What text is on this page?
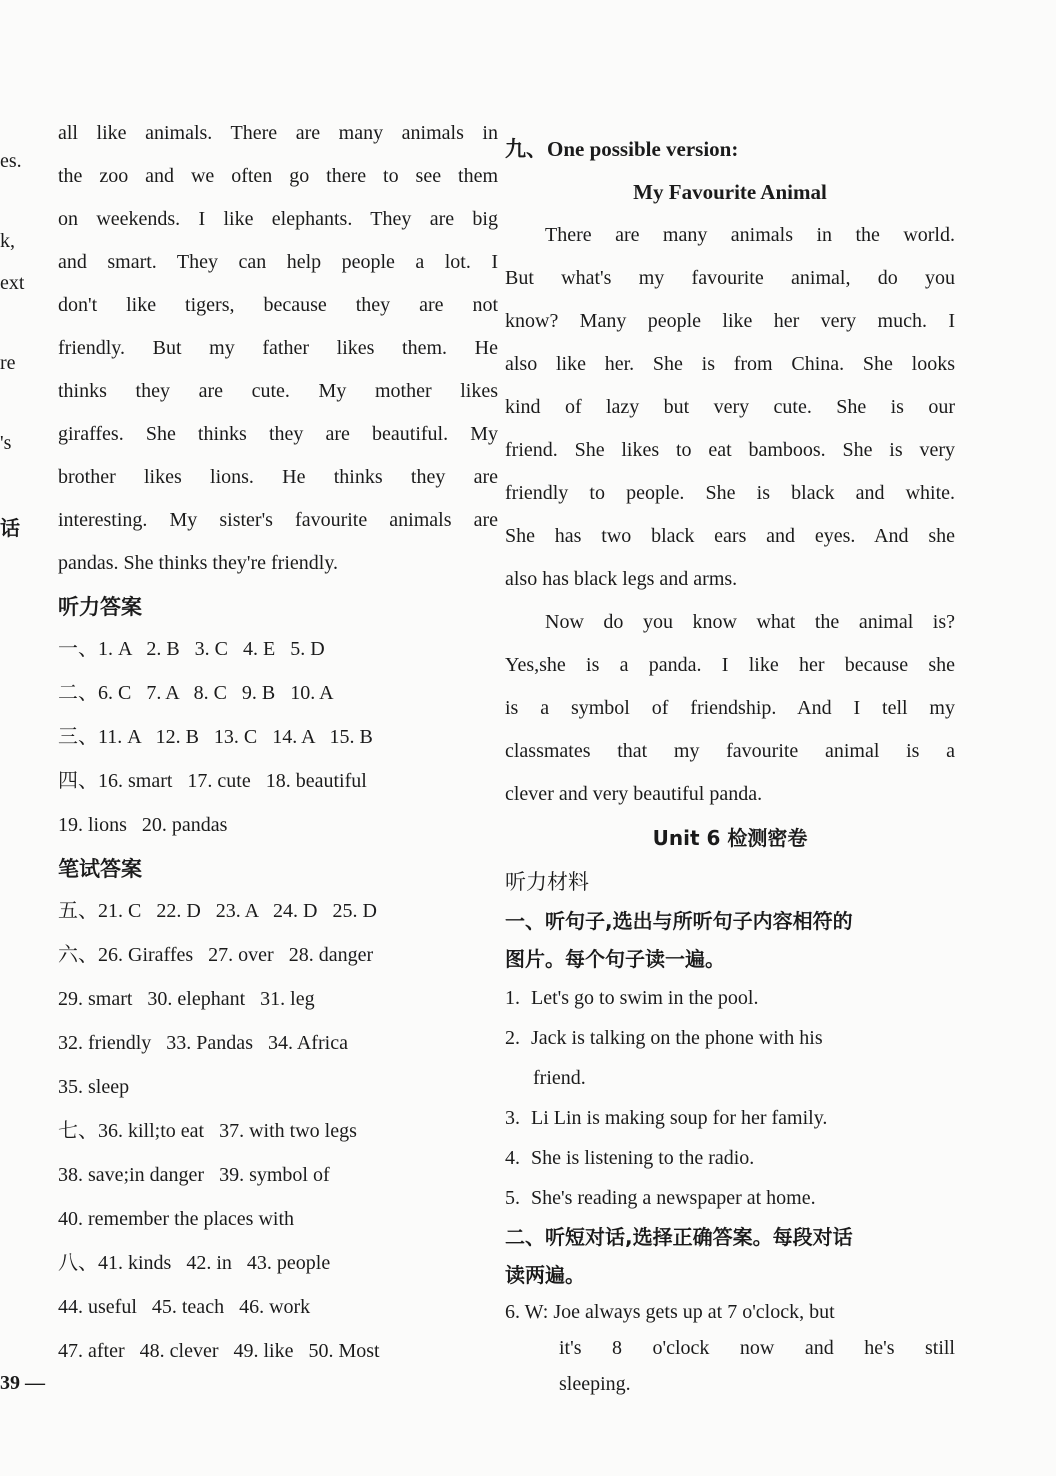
es.
k,
ext
re
's
话
all like animals. There are many animals in
the zoo and we often go there to see them
on weekends. I like elephants. They are big
and smart. They can help people a lot. I
don't like tigers, because they are not
friendly. But my father likes them. He
thinks they are cute. My mother likes
giraffes. She thinks they are beautiful. My
brother likes lions. He thinks they are
interesting. My sister's favourite animals are
pandas. She thinks they're friendly.
听力答案
一、1. A   2. B   3. C   4. E   5. D
二、6. C   7. A   8. C   9. B   10. A
三、11. A   12. B   13. C   14. A   15. B
四、16. smart   17. cute   18. beautiful
19. lions   20. pandas
笔试答案
五、21. C   22. D   23. A   24. D   25. D
六、26. Giraffes   27. over   28. danger
29. smart   30. elephant   31. leg
32. friendly   33. Pandas   34. Africa
35. sleep
七、36. kill;to eat   37. with two legs
38. save;in danger   39. symbol of
40. remember the places with
八、41. kinds   42. in   43. people
44. useful   45. teach   46. work
47. after   48. clever   49. like   50. Most
九、One possible version:
My Favourite Animal
There are many animals in the world.
But what's my favourite animal, do you
know? Many people like her very much. I
also like her. She is from China. She looks
kind of lazy but very cute. She is our
friend. She likes to eat bamboos. She is very
friendly to people. She is black and white.
She has two black ears and eyes. And she
also has black legs and arms.
Now do you know what the animal is?
Yes,she is a panda. I like her because she
is a symbol of friendship. And I tell my
classmates that my favourite animal is a
clever and very beautiful panda.
Unit 6 检测密卷
听力材料
一、听句子,选出与所听句子内容相符的
图片。每个句子读一遍。
1. Let's go to swim in the pool.
2. Jack is talking on the phone with his
friend.
3. Li Lin is making soup for her family.
4. She is listening to the radio.
5. She's reading a newspaper at home.
二、听短对话,选择正确答案。每段对话
读两遍。
6. W: Joe always gets up at 7 o'clock, but
it's 8 o'clock now and he's still
sleeping.
39 —
